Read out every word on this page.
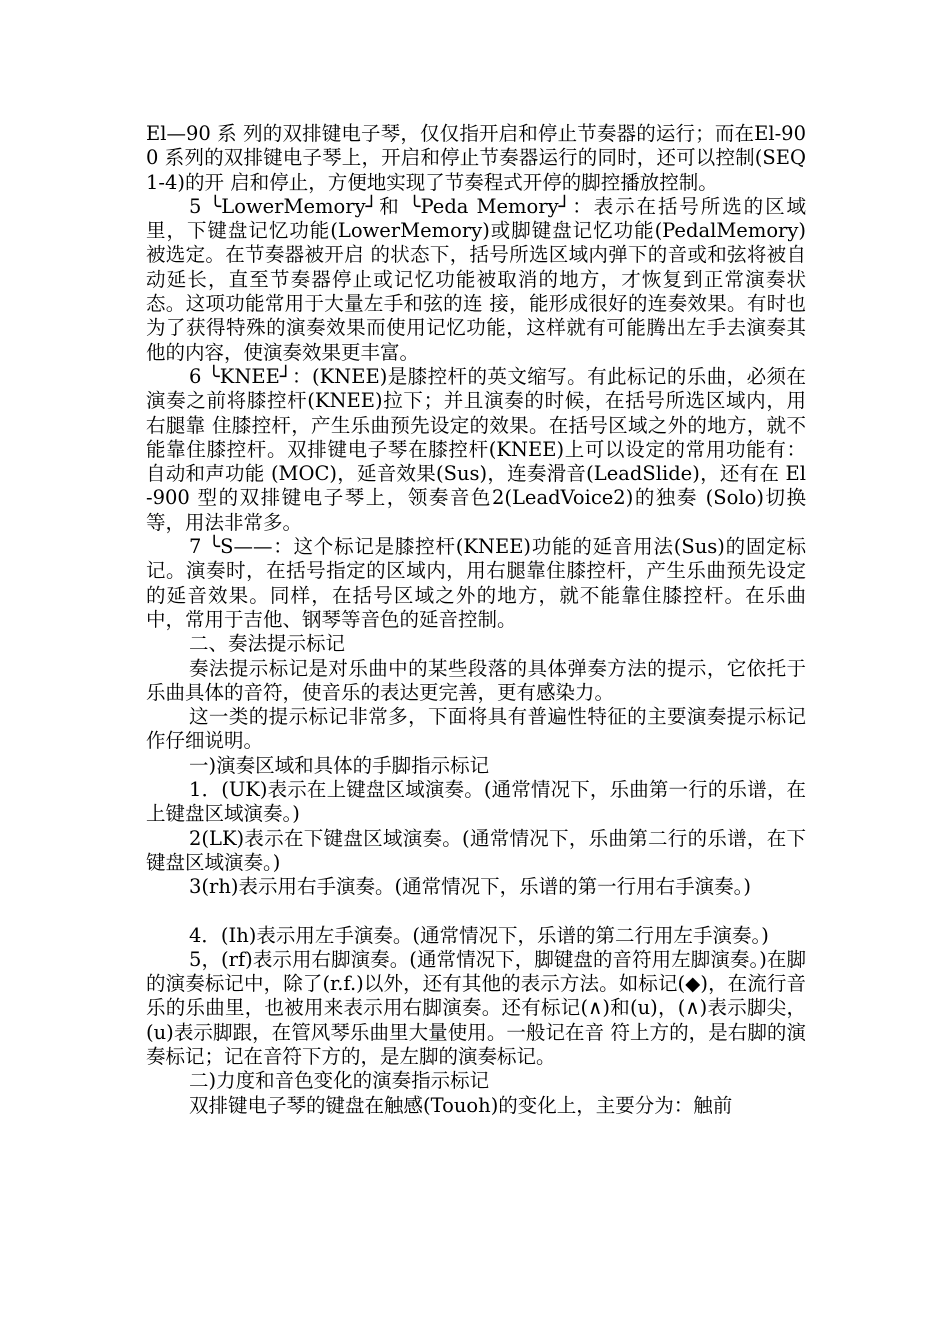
El—90 系 列的双排键电子琴，仅仅指开启和停止节奏器的运行；而在El-900 系列的双排键电子琴上，开启和停止节奏器运行的同时，还可以控制(SEQ1-4)的开 启和停止，方便地实现了节奏程式开停的脚控播放控制。

5 ╰LowerMemory┘和 ╰Peda Memory┘：表示在括号所选的区域里，下键盘记忆功能(LowerMemory)或脚键盘记忆功能(PedalMemory)被选定。在节奏器被开启 的状态下，括号所选区域内弹下的音或和弦将被自动延长，直至节奏器停止或记忆功能被取消的地方，才恢复到正常演奏状态。这项功能常用于大量左手和弦的连 接，能形成很好的连奏效果。有时也为了获得特殊的演奏效果而使用记忆功能，这样就有可能腾出左手去演奏其他的内容，使演奏效果更丰富。

6 ╰KNEE┘：(KNEE)是膝控杆的英文缩写。有此标记的乐曲，必须在演奏之前将膝控杆(KNEE)拉下；并且演奏的时候，在括号所选区域内，用右腿靠 住膝控杆，产生乐曲预先设定的效果。在括号区域之外的地方，就不能靠住膝控杆。双排键电子琴在膝控杆(KNEE)上可以设定的常用功能有：自动和声功能 (MOC)，延音效果(Sus)，连奏滑音(LeadSlide)，还有在 El-900 型的双排键电子琴上，领奏音色2(LeadVoice2)的独奏 (Solo)切换等，用法非常多。

7 ╰S——：这个标记是膝控杆(KNEE)功能的延音用法(Sus)的固定标记。演奏时，在括号指定的区域内，用右腿靠住膝控杆，产生乐曲预先设定的延音效果。同样，在括号区域之外的地方，就不能靠住膝控杆。在乐曲中，常用于吉他、钢琴等音色的延音控制。

二、奏法提示标记

奏法提示标记是对乐曲中的某些段落的具体弹奏方法的提示，它依托于乐曲具体的音符，使音乐的表达更完善，更有感染力。

这一类的提示标记非常多，下面将具有普遍性特征的主要演奏提示标记作仔细说明。

一)演奏区域和具体的手脚指示标记

1．(UK)表示在上键盘区域演奏。(通常情况下，乐曲第一行的乐谱，在上键盘区域演奏。)

2(LK)表示在下键盘区域演奏。(通常情况下，乐曲第二行的乐谱，在下键盘区域演奏。)

3(rh)表示用右手演奏。(通常情况下，乐谱的第一行用右手演奏。)

4．(Ih)表示用左手演奏。(通常情况下，乐谱的第二行用左手演奏。)

5，(rf)表示用右脚演奏。(通常情况下，脚键盘的音符用左脚演奏。)在脚的演奏标记中，除了(r.f.)以外，还有其他的表示方法。如标记(◆)，在流行音乐的乐曲里，也被用来表示用右脚演奏。还有标记(∧)和(u)，(∧)表示脚尖，(u)表示脚跟，在管风琴乐曲里大量使用。一般记在音 符上方的，是右脚的演奏标记；记在音符下方的，是左脚的演奏标记。

二)力度和音色变化的演奏指示标记

双排键电子琴的键盘在触感(Touoh)的变化上，主要分为：触前
